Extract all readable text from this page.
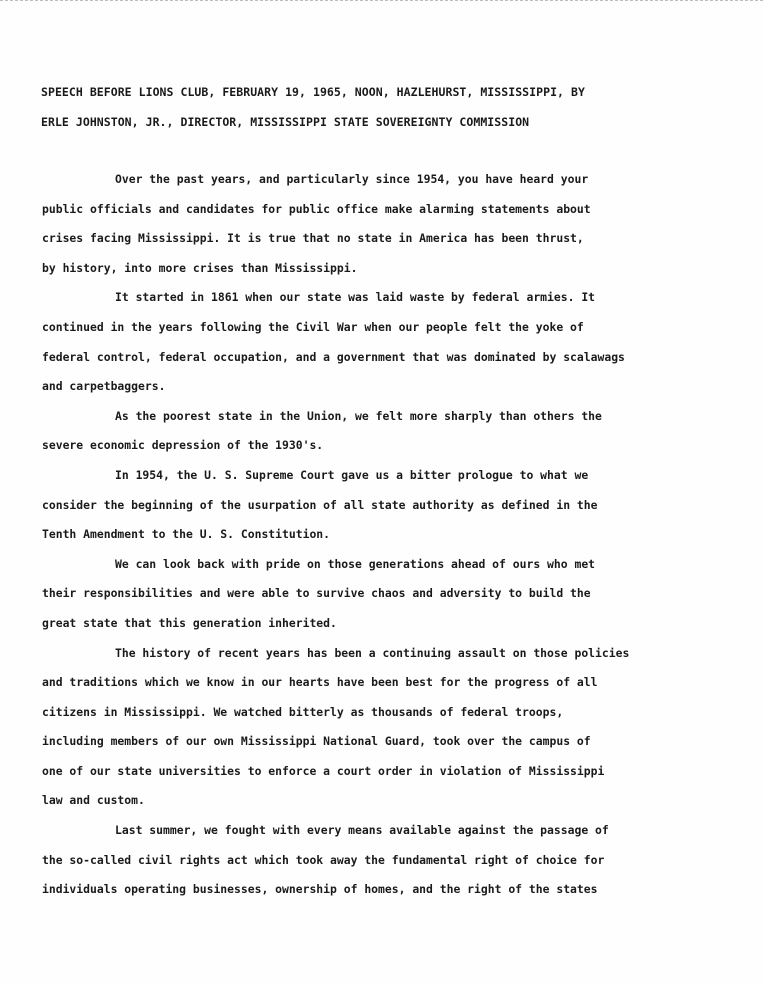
SPEECH BEFORE LIONS CLUB, FEBRUARY 19, 1965, NOON, HAZLEHURST, MISSISSIPPI, BY
ERLE JOHNSTON, JR., DIRECTOR, MISSISSIPPI STATE SOVEREIGNTY COMMISSION
Over the past years, and particularly since 1954, you have heard your
public officials and candidates for public office make alarming statements about
crises facing Mississippi. It is true that no state in America has been thrust,
by history, into more crises than Mississippi.
It started in 1861 when our state was laid waste by federal armies. It
continued in the years following the Civil War when our people felt the yoke of
federal control, federal occupation, and a government that was dominated by scalawags
and carpetbaggers.
As the poorest state in the Union, we felt more sharply than others the
severe economic depression of the 1930's.
In 1954, the U. S. Supreme Court gave us a bitter prologue to what we
consider the beginning of the usurpation of all state authority as defined in the
Tenth Amendment to the U. S. Constitution.
We can look back with pride on those generations ahead of ours who met
their responsibilities and were able to survive chaos and adversity to build the
great state that this generation inherited.
The history of recent years has been a continuing assault on those policies
and traditions which we know in our hearts have been best for the progress of all
citizens in Mississippi. We watched bitterly as thousands of federal troops,
including members of our own Mississippi National Guard, took over the campus of
one of our state universities to enforce a court order in violation of Mississippi
law and custom.
Last summer, we fought with every means available against the passage of
the so-called civil rights act which took away the fundamental right of choice for
individuals operating businesses, ownership of homes, and the right of the states
